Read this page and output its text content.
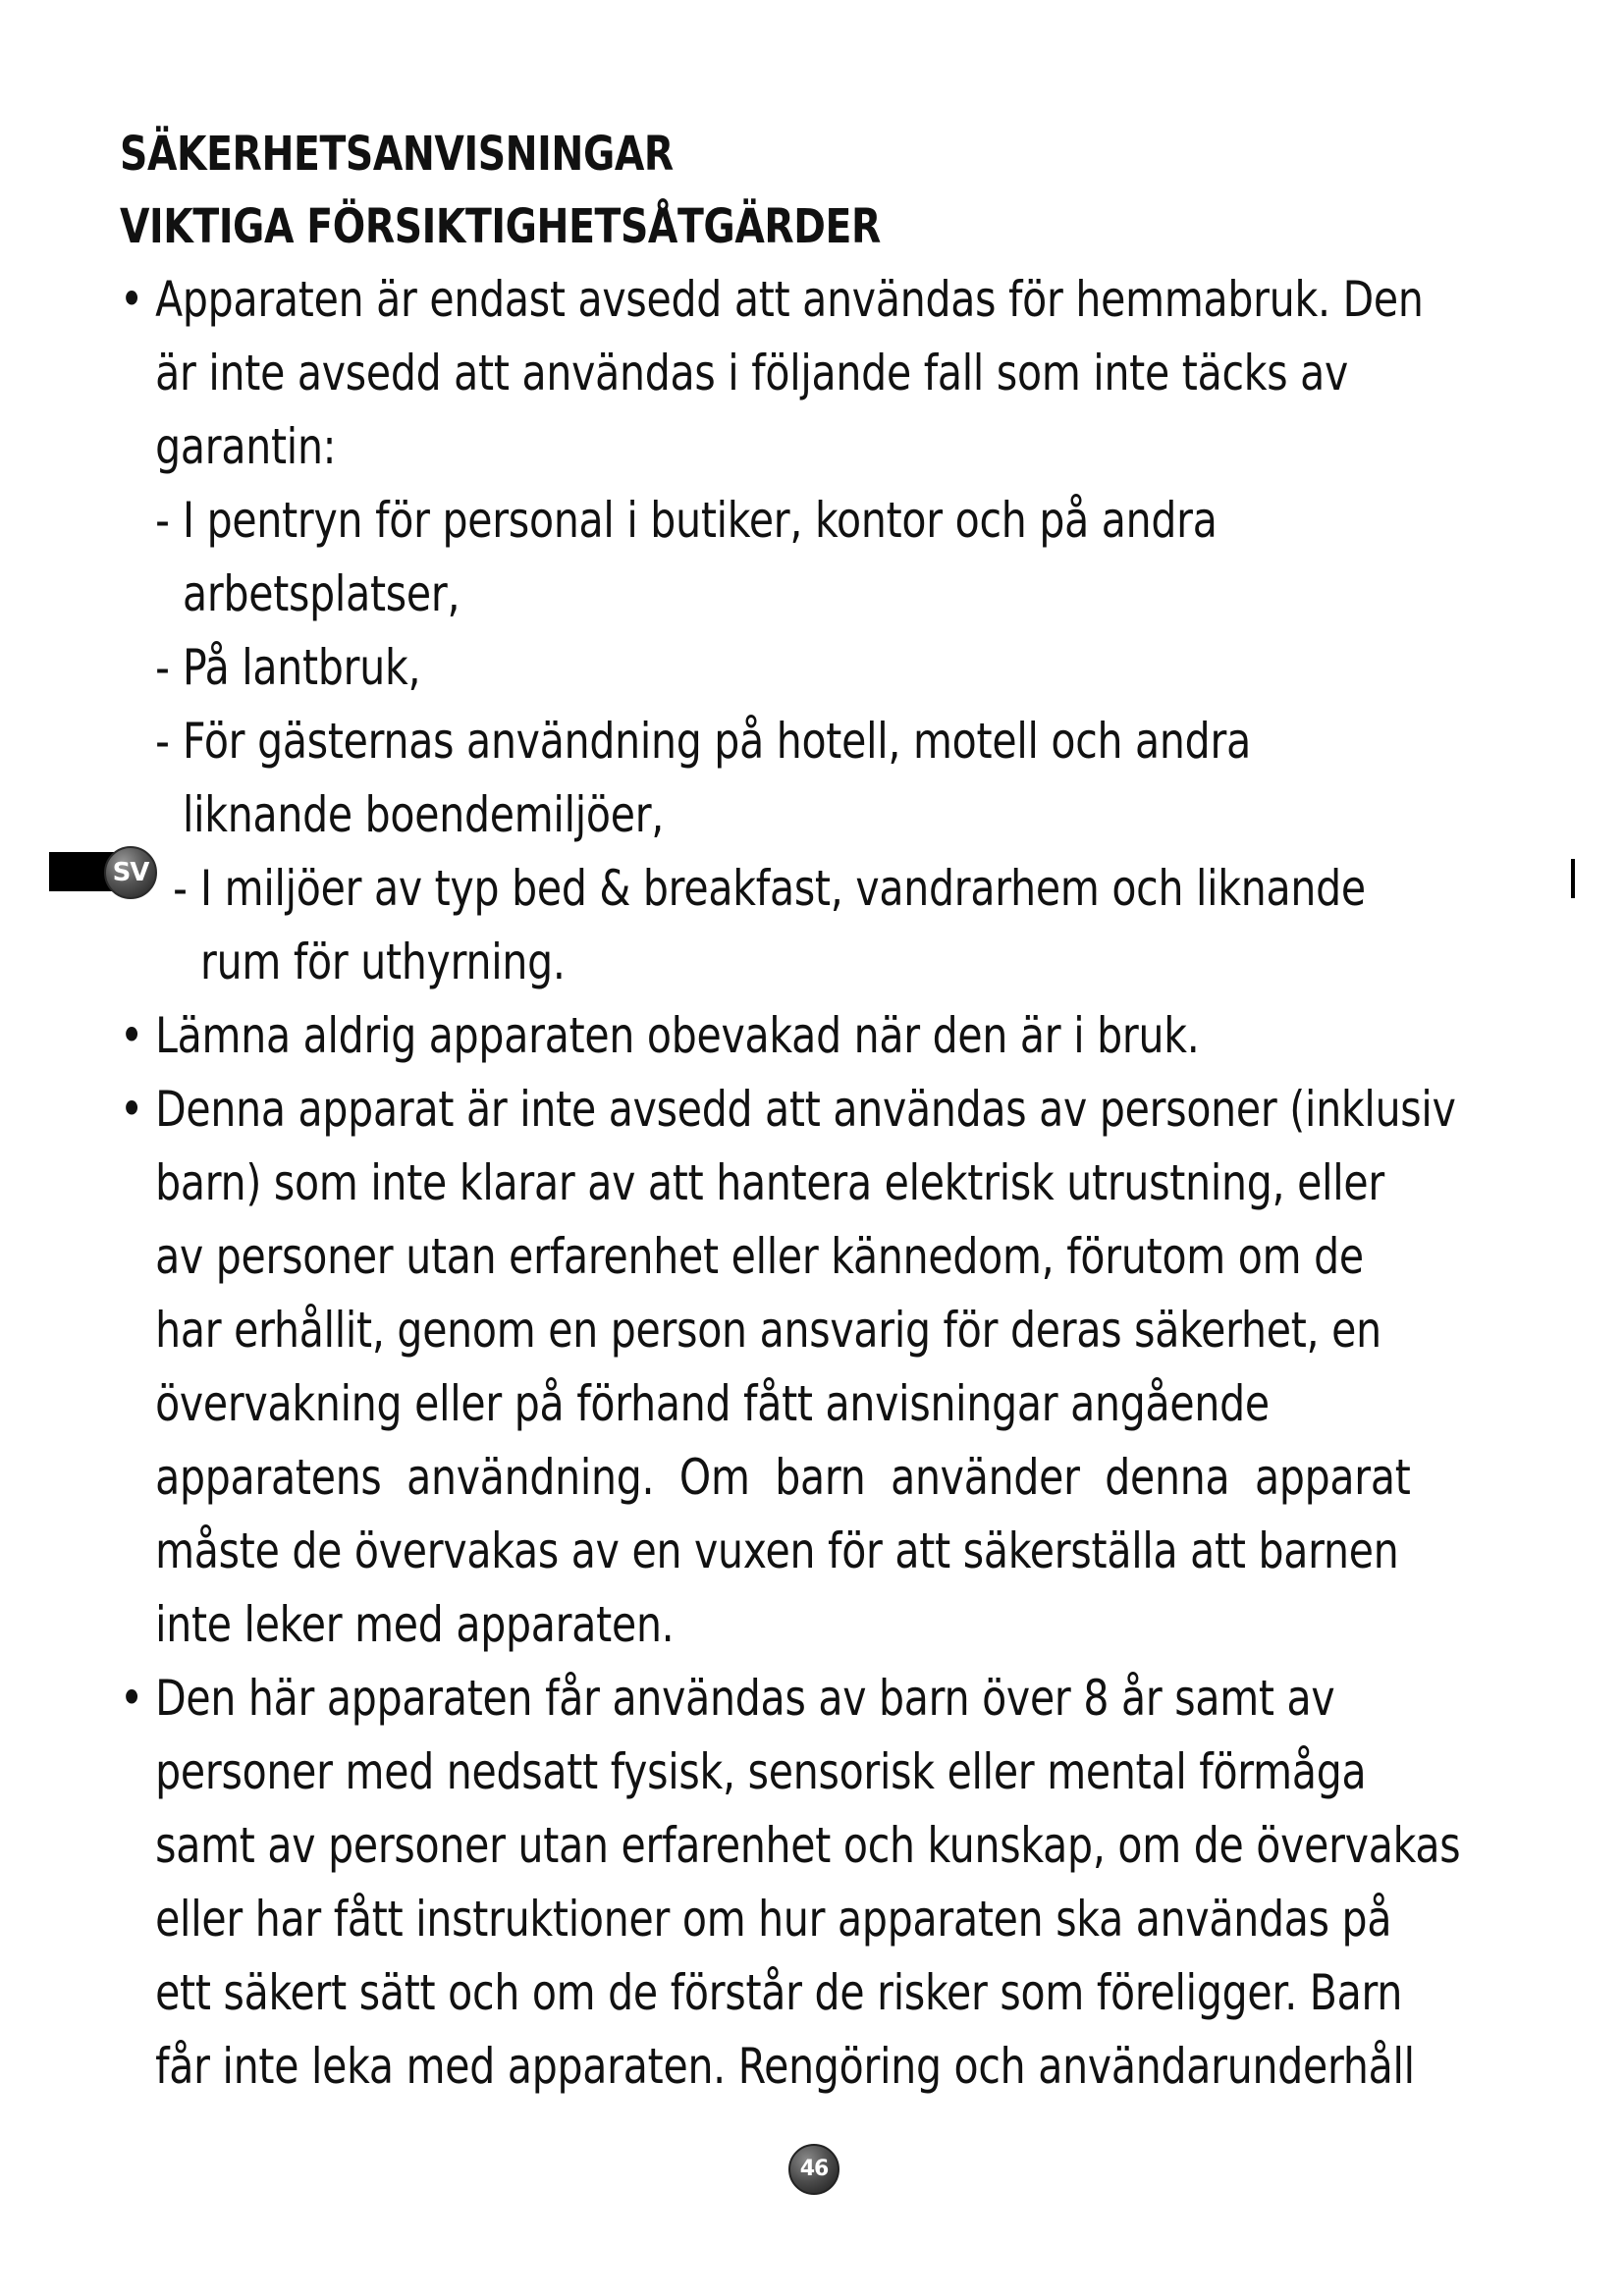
SÄKERHETSANVISNINGAR
VIKTIGA FÖRSIKTIGHETSÅTGÄRDER
• Apparaten är endast avsedd att användas för hemmabruk. Den

är inte avsedd att användas i följande fall som inte täcks av

garantin:

- I pentryn för personal i butiker, kontor och på andra

arbetsplatser,

- På lantbruk,

- För gästernas användning på hotell, motell och andra

liknande boendemiljöer,

- I miljöer av typ bed & breakfast, vandrarhem och liknande

rum för uthyrning.

• Lämna aldrig apparaten obevakad när den är i bruk.

• Denna apparat är inte avsedd att användas av personer (inklusiv

barn) som inte klarar av att hantera elektrisk utrustning, eller

av personer utan erfarenhet eller kännedom, förutom om de

har erhållit, genom en person ansvarig för deras säkerhet, en

övervakning eller på förhand fått anvisningar angående

apparatens  användning.  Om  barn  använder  denna  apparat

måste de övervakas av en vuxen för att säkerställa att barnen

inte leker med apparaten.

• Den här apparaten får användas av barn över 8 år samt av

personer med nedsatt fysisk, sensorisk eller mental förmåga

samt av personer utan erfarenhet och kunskap, om de övervakas

eller har fått instruktioner om hur apparaten ska användas på

ett säkert sätt och om de förstår de risker som föreligger. Barn

får inte leka med apparaten. Rengöring och användarunderhåll

SV
46
